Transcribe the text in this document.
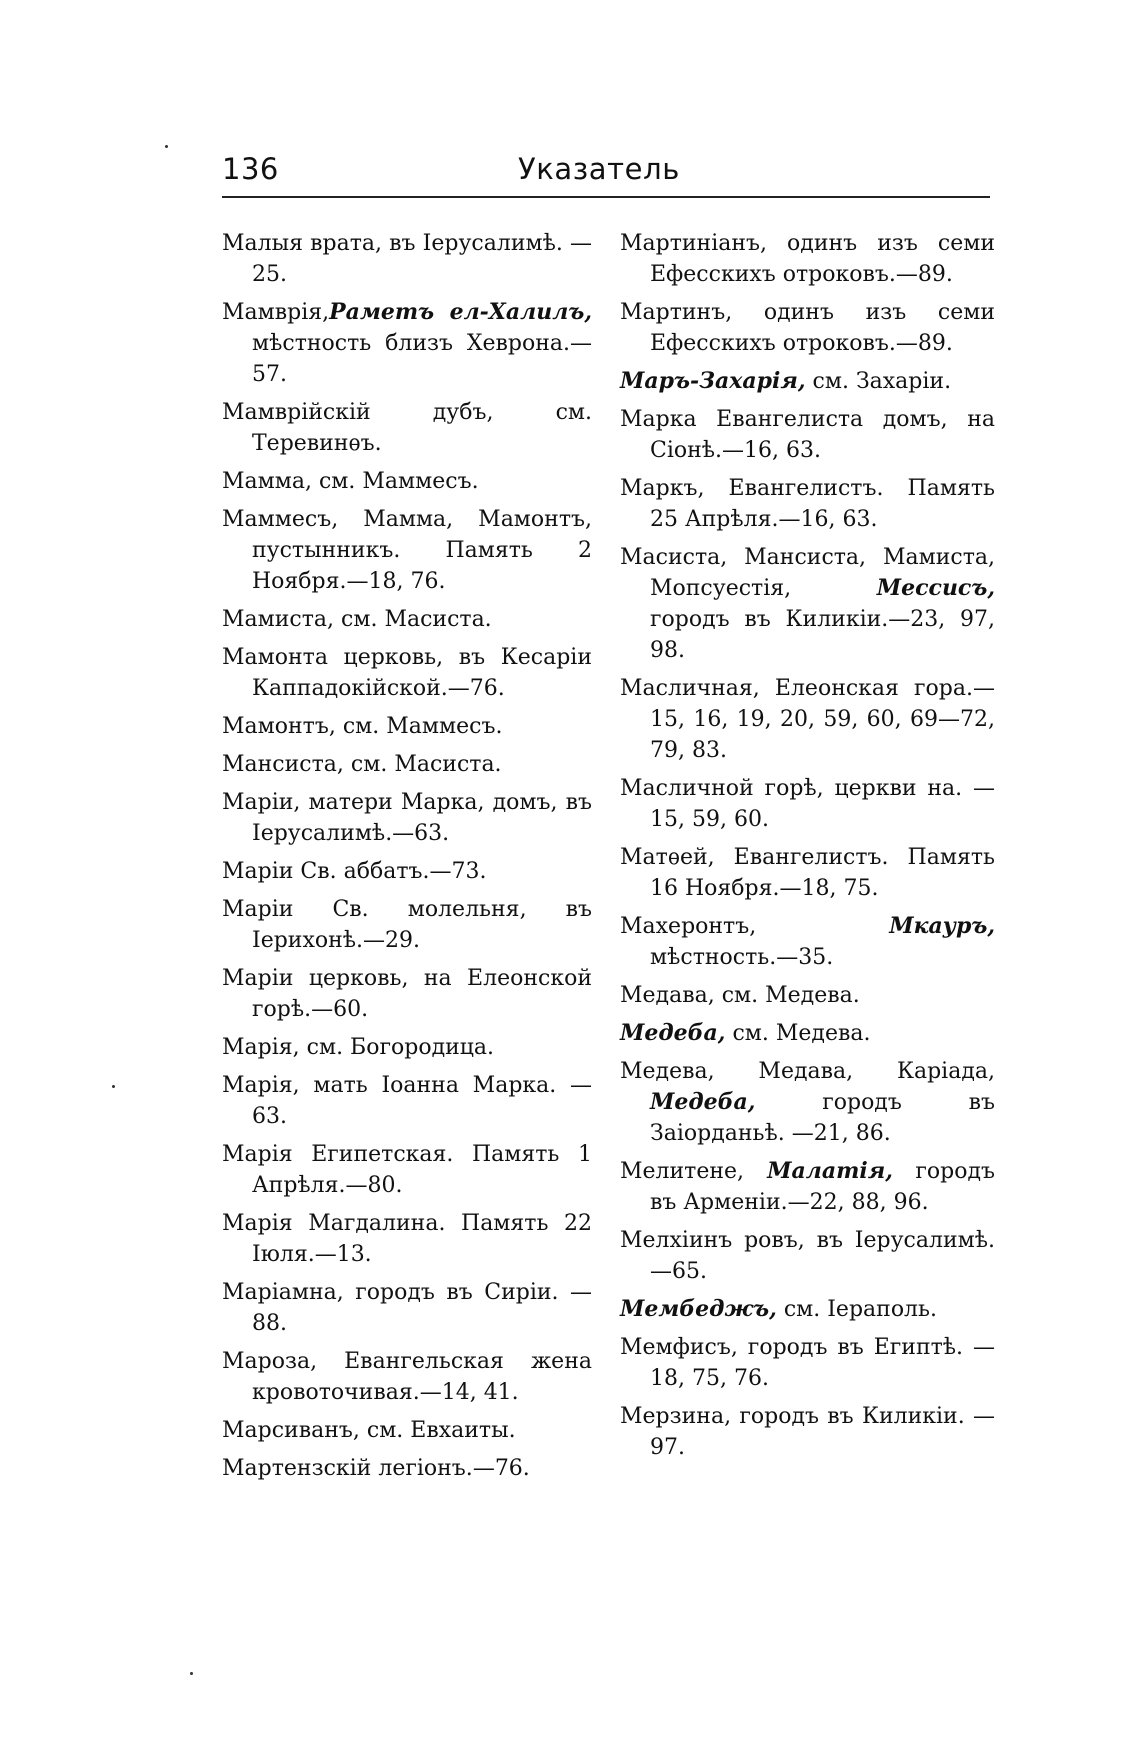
136	Указатель
Малыя врата, въ Іерусалимѣ. —25.
Мамврія,Раметъ ел-Халилъ, мѣстность близъ Хеврона.— 57.
Мамврійскій дубъ, см. Теревинѳъ.
Мамма, см. Маммесъ.
Маммесъ, Мамма, Мамонтъ, пустынникъ. Память 2 Ноября.—18, 76.
Мамиста, см. Масиста.
Мамонта церковь, въ Кесаріи Каппадокійской.—76.
Мамонтъ, см. Маммесъ.
Мансиста, см. Масиста.
Маріи, матери Марка, домъ, въ Іерусалимѣ.—63.
Маріи Св. аббатъ.—73.
Маріи Св. молельня, въ Іерихонѣ.—29.
Маріи церковь, на Елеонской горѣ.—60.
Марія, см. Богородица.
Марія, мать Іоанна Марка. — 63.
Марія Египетская. Память 1 Апрѣля.—80.
Марія Магдалина. Память 22 Іюля.—13.
Маріамна, городъ въ Сиріи. — 88.
Мароза, Евангельская жена кровоточивая.—14, 41.
Марсиванъ, см. Евхаиты.
Мартензскій легіонъ.—76.
Мартиніанъ, одинъ изъ семи Ефесскихъ отроковъ.—89.
Мартинъ, одинъ изъ семи Ефесскихъ отроковъ.—89.
Маръ-Захарія, см. Захаріи.
Марка Евангелиста домъ, на Сіонѣ.—16, 63.
Маркъ, Евангелистъ. Память 25 Апрѣля.—16, 63.
Масиста, Мансиста, Мамиста, Мопсуестія, Мессисъ, городъ въ Киликіи.—23, 97, 98.
Масличная, Елеонская гора.—15, 16, 19, 20, 59, 60, 69—72, 79, 83.
Масличной горѣ, церкви на. —15, 59, 60.
Матѳей, Евангелистъ. Память 16 Ноября.—18, 75.
Махеронтъ, Мкауръ, мѣстность.—35.
Медава, см. Медева.
Медеба, см. Медева.
Медева, Медава, Каріада, Медеба, городъ въ Заіорданьѣ. —21, 86.
Мелитене, Малатія, городъ въ Арменіи.—22, 88, 96.
Мелхіинъ ровъ, въ Іерусалимѣ.—65.
Мембеджъ, см. Іераполь.
Мемфисъ, городъ въ Египтѣ. —18, 75, 76.
Мерзина, городъ въ Киликіи. — 97.
